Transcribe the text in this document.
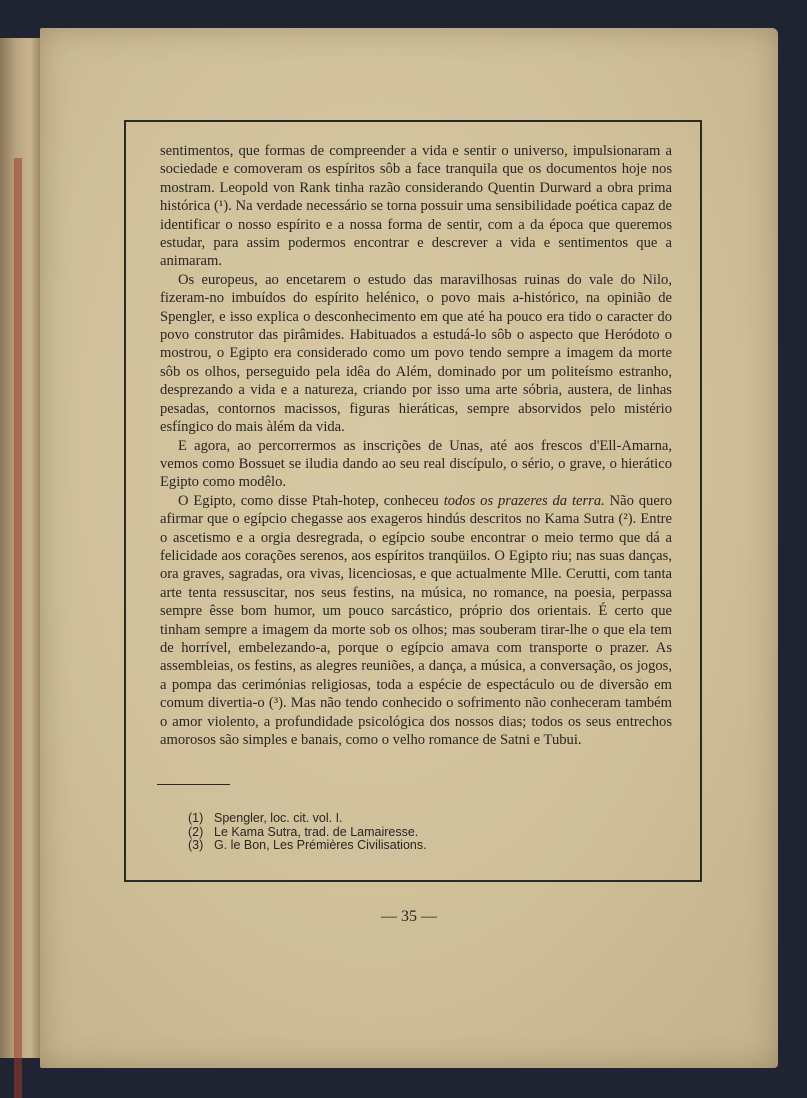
sentimentos, que formas de compreender a vida e sentir o universo, impulsionaram a sociedade e comoveram os espíritos sôb a face tranquila que os documentos hoje nos mostram. Leopold von Rank tinha razão considerando Quentin Durward a obra prima histórica (¹). Na verdade necessário se torna possuir uma sensibilidade poética capaz de identificar o nosso espírito e a nossa forma de sentir, com a da época que queremos estudar, para assim podermos encontrar e descrever a vida e sentimentos que a animaram.

Os europeus, ao encetarem o estudo das maravilhosas ruinas do vale do Nilo, fizeram-no imbuídos do espírito helénico, o povo mais a-histórico, na opinião de Spengler, e isso explica o desconhecimento em que até ha pouco era tido o caracter do povo construtor das pirâmides. Habituados a estudá-lo sôb o aspecto que Heródoto o mostrou, o Egipto era considerado como um povo tendo sempre a imagem da morte sôb os olhos, perseguido pela idêa do Além, dominado por um politeísmo estranho, desprezando a vida e a natureza, criando por isso uma arte sóbria, austera, de linhas pesadas, contornos macissos, figuras hieráticas, sempre absorvidos pelo mistério esfíngico do mais àlém da vida.

E agora, ao percorrermos as inscrições de Unas, até aos frescos d'Ell-Amarna, vemos como Bossuet se iludia dando ao seu real discípulo, o sério, o grave, o hierático Egipto como modêlo.

O Egipto, como disse Ptah-hotep, conheceu todos os prazeres da terra. Não quero afirmar que o egípcio chegasse aos exageros hindús descritos no Kama Sutra (²). Entre o ascetismo e a orgia desregrada, o egípcio soube encontrar o meio termo que dá a felicidade aos corações serenos, aos espíritos tranqüilos. O Egipto riu; nas suas danças, ora graves, sagradas, ora vivas, licenciosas, e que actualmente Mlle. Cerutti, com tanta arte tenta ressuscitar, nos seus festins, na música, no romance, na poesia, perpassa sempre êsse bom humor, um pouco sarcástico, próprio dos orientais. É certo que tinham sempre a imagem da morte sob os olhos; mas souberam tirar-lhe o que ela tem de horrível, embelezando-a, porque o egípcio amava com transporte o prazer. As assembleias, os festins, as alegres reuniões, a dança, a música, a conversação, os jogos, a pompa das cerimónias religiosas, toda a espécie de espectáculo ou de diversão em comum divertia-o (³). Mas não tendo conhecido o sofrimento não conheceram também o amor violento, a profundidade psicológica dos nossos dias; todos os seus entrechos amorosos são simples e banais, como o velho romance de Satni e Tubui.

(1) Spengler, loc. cit. vol. I.
(2) Le Kama Sutra, trad. de Lamairesse.
(3) G. le Bon, Les Prémières Civilisations.
— 35 —
